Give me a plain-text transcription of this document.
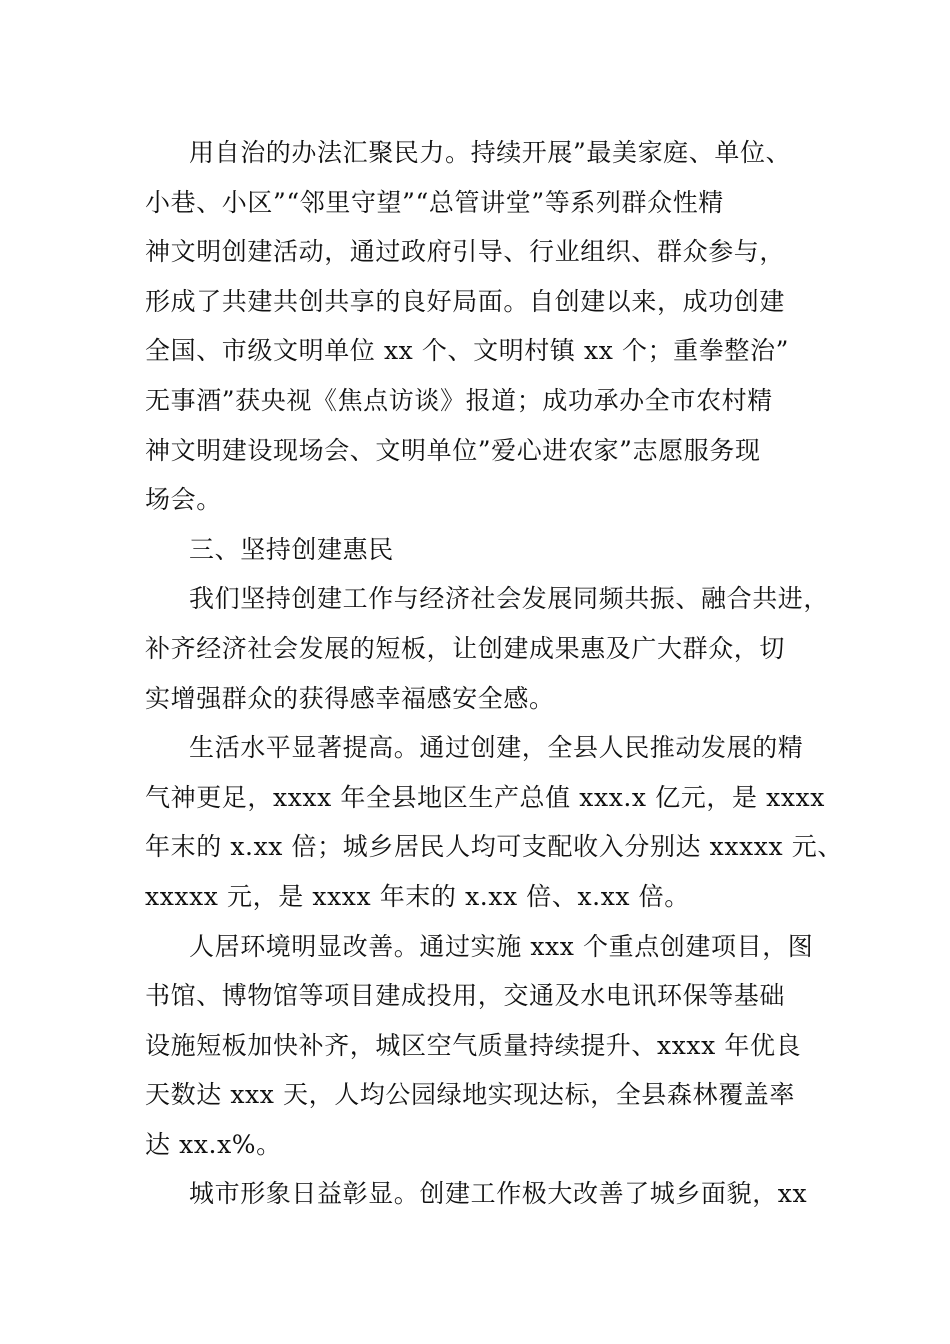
用自治的办法汇聚民力。持续开展”最美家庭、单位、
小巷、小区”“邻里守望”“总管讲堂”等系列群众性精
神文明创建活动，通过政府引导、行业组织、群众参与，
形成了共建共创共享的良好局面。自创建以来，成功创建
全国、市级文明单位 xx 个、文明村镇 xx 个；重拳整治”
无事酒”获央视《焦点访谈》报道；成功承办全市农村精
神文明建设现场会、文明单位”爱心进农家”志愿服务现
场会。
三、坚持创建惠民
我们坚持创建工作与经济社会发展同频共振、融合共进，
补齐经济社会发展的短板，让创建成果惠及广大群众，切
实增强群众的获得感幸福感安全感。
生活水平显著提高。通过创建，全县人民推动发展的精
气神更足，xxxx 年全县地区生产总值 xxx.x 亿元，是 xxxx
年末的 x.xx 倍；城乡居民人均可支配收入分别达 xxxxx 元、
xxxxx 元，是 xxxx 年末的 x.xx 倍、x.xx 倍。
人居环境明显改善。通过实施 xxx 个重点创建项目，图
书馆、博物馆等项目建成投用，交通及水电讯环保等基础
设施短板加快补齐，城区空气质量持续提升、xxxx 年优良
天数达 xxx 天，人均公园绿地实现达标，全县森林覆盖率
达 xx.x%。
城市形象日益彰显。创建工作极大改善了城乡面貌，xx
